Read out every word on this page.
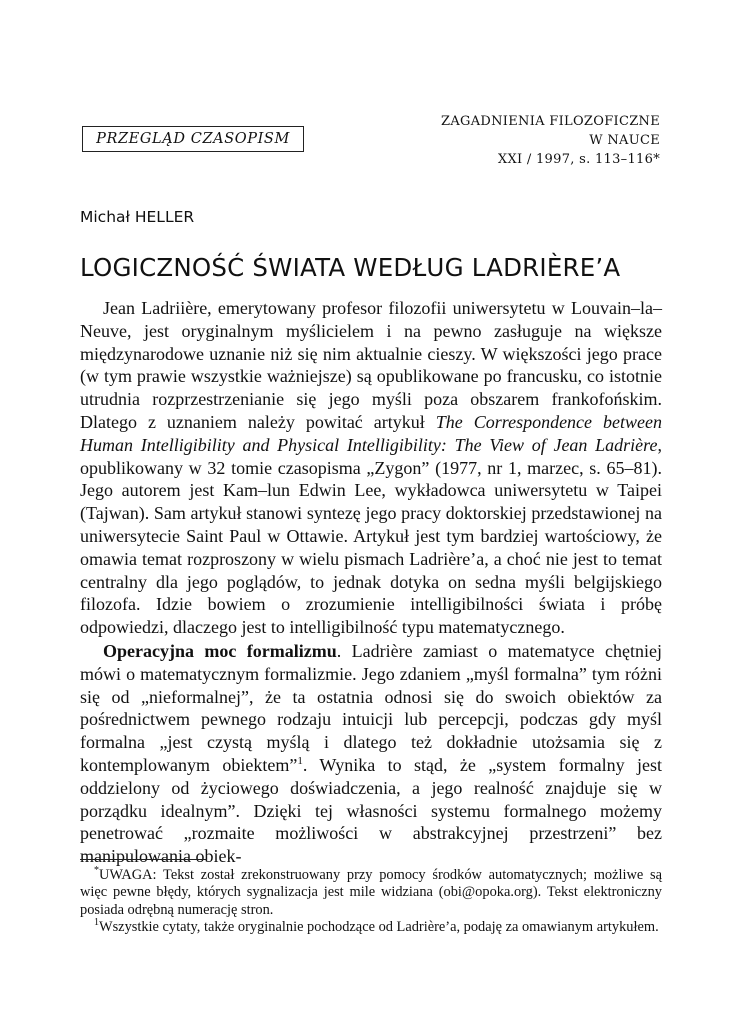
PRZEGLĄD CZASOPISM
ZAGADNIENIA FILOZOFICZNE
W NAUCE
XXI / 1997, s. 113–116*
Michał HELLER
LOGICZNOŚĆ ŚWIATA WEDŁUG LADRIÈRE’A

Jean Ladriière, emerytowany profesor filozofii uniwersytetu w Louvain–la–Neuve, jest oryginalnym myślicielem i na pewno zasługuje na większe międzynarodowe uznanie niż się nim aktualnie cieszy. W większości jego prace (w tym prawie wszystkie ważniejsze) są opublikowane po francusku, co istotnie utrudnia rozprzestrzenianie się jego myśli poza obszarem frankofońskim. Dlatego z uznaniem należy powitać artykuł The Correspondence between Human Intelligibility and Physical Intelligibility: The View of Jean Ladrière, opublikowany w 32 tomie czasopisma „Zygon” (1977, nr 1, marzec, s. 65–81). Jego autorem jest Kam–lun Edwin Lee, wykładowca uniwersytetu w Taipei (Tajwan). Sam artykuł stanowi syntezę jego pracy doktorskiej przedstawionej na uniwersytecie Saint Paul w Ottawie. Artykuł jest tym bardziej wartościowy, że omawia temat rozproszony w wielu pismach Ladrière’a, a choć nie jest to temat centralny dla jego poglądów, to jednak dotyka on sedna myśli belgijskiego filozofa. Idzie bowiem o zrozumienie intelligibilności świata i próbę odpowiedzi, dlaczego jest to intelligibilność typu matematycznego.

Operacyjna moc formalizmu. Ladrière zamiast o matematyce chętniej mówi o matematycznym formalizmie. Jego zdaniem „myśl formalna” tym różni się od „nieformalnej”, że ta ostatnia odnosi się do swoich obiektów za pośrednictwem pewnego rodzaju intuicji lub percepcji, podczas gdy myśl formalna „jest czystą myślą i dlatego też dokładnie utożsamia się z kontemplowanym obiektem”$^1$. Wynika to stąd, że „system formalny jest oddzielony od życiowego doświadczenia, a jego realność znajduje się w porządku idealnym”. Dzięki tej własności systemu formalnego możemy penetrować „rozmaite możliwości w abstrakcyjnej przestrzeni” bez manipulowania obiek-

*UWAGA: Tekst został zrekonstruowany przy pomocy środków automatycznych; możliwe są więc pewne błędy, których sygnalizacja jest mile widziana (obi@opoka.org). Tekst elektroniczny posiada odrębną numerację stron.

$^1$Wszystkie cytaty, także oryginalnie pochodzące od Ladrière’a, podaję za omawianym artykułem.
